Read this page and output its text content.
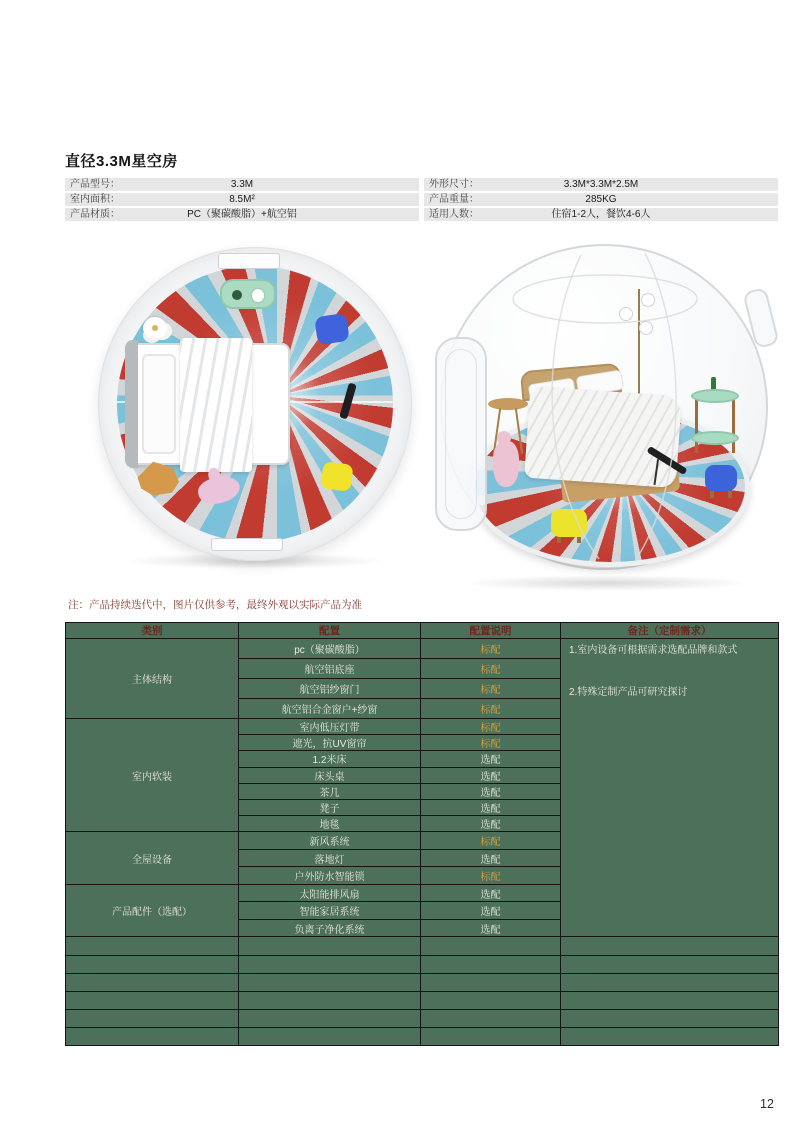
直径3.3M星空房
产品型号：	3.3M
室内面积：	8.5M²
产品材质：	PC（聚碳酸脂）+航空铝
外形尺寸：	3.3M*3.3M*2.5M
产品重量：	285KG
适用人数：	住宿1-2人，餐饮4-6人
注：产品持续迭代中，图片仅供参考，最终外观以实际产品为准
类别	配置	配置说明	备注（定制需求）
主体结构	pc（聚碳酸脂）	标配	1.室内设备可根据需求选配品牌和款式
2.特殊定制产品可研究探讨

	航空铝底座	标配	
	航空铝纱窗门	标配	
	航空铝合金窗户+纱窗	标配	
室内软装	室内低压灯带	标配	
	遮光，抗UV窗帘	标配	
	1.2米床	选配	
	床头桌	选配	
	茶几	选配	
	凳子	选配	
	地毯	选配	
全屋设备	新风系统	标配	
	落地灯	选配	
	户外防水智能锁	标配	
产品配件（选配）	太阳能排风扇	选配	
	智能家居系统	选配	
	负离子净化系统	选配	

12
